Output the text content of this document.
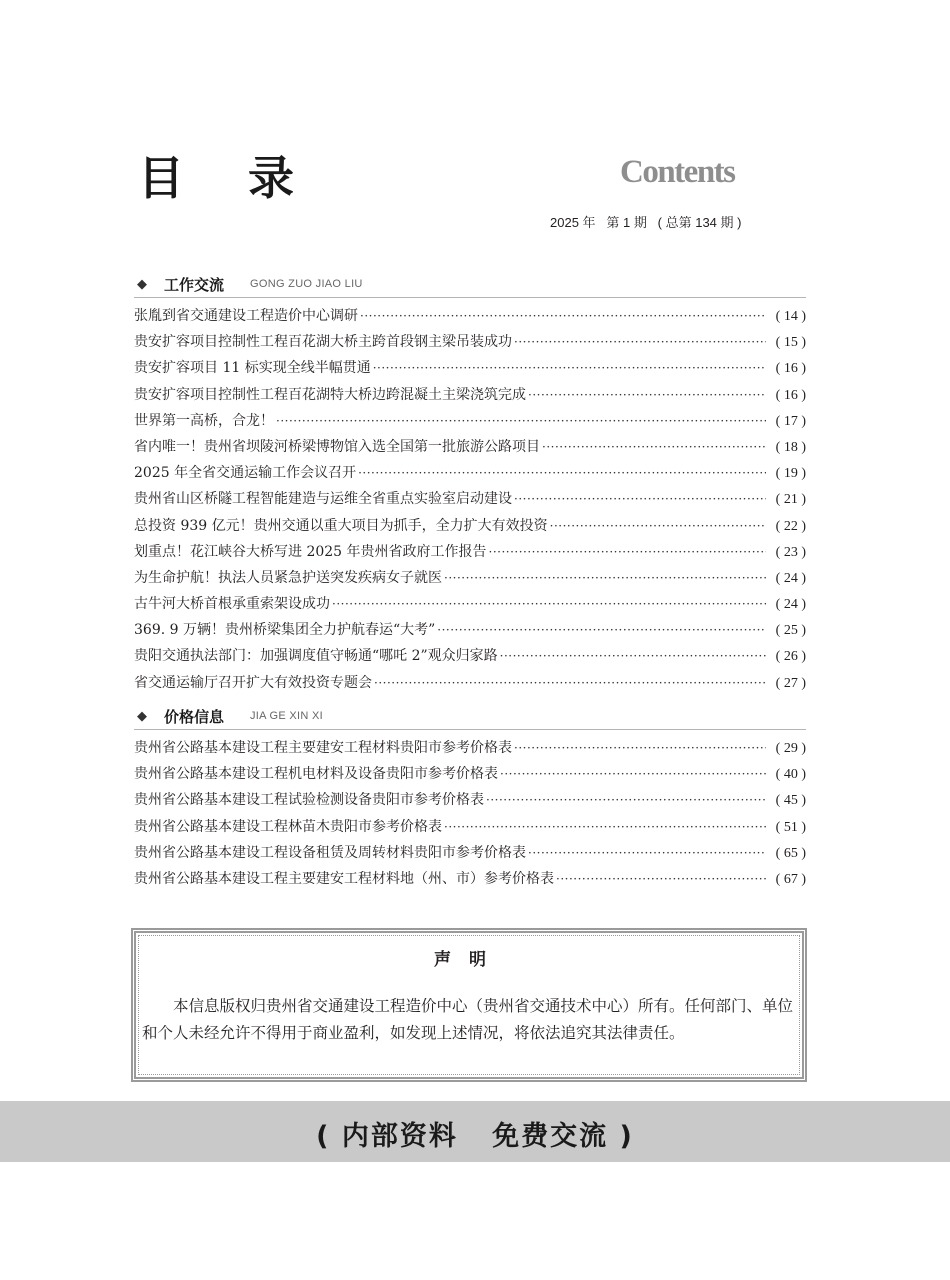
目 录	Contents
2025 年   第 1 期   ( 总第 134 期 )
◆ 工作交流 GONG ZUO JIAO LIU
张胤到省交通建设工程造价中心调研 ·····	( 14 )
贵安扩容项目控制性工程百花湖大桥主跨首段钢主梁吊装成功 ·····	( 15 )
贵安扩容项目 11 标实现全线半幅贯通 ·····	( 16 )
贵安扩容项目控制性工程百花湖特大桥边跨混凝土主梁浇筑完成 ·····	( 16 )
世界第一高桥，合龙！ ·····	( 17 )
省内唯一！贵州省坝陵河桥梁博物馆入选全国第一批旅游公路项目 ·····	( 18 )
2025 年全省交通运输工作会议召开 ·····	( 19 )
贵州省山区桥隧工程智能建造与运维全省重点实验室启动建设 ·····	( 21 )
总投资 939 亿元！贵州交通以重大项目为抓手，全力扩大有效投资 ·····	( 22 )
划重点！花江峡谷大桥写进 2025 年贵州省政府工作报告 ·····	( 23 )
为生命护航！执法人员紧急护送突发疾病女子就医 ·····	( 24 )
古牛河大桥首根承重索架设成功 ·····	( 24 )
369. 9 万辆！贵州桥梁集团全力护航春运“大考” ·····	( 25 )
贵阳交通执法部门：加强调度值守畅通“哪吒 2”观众归家路 ·····	( 26 )
省交通运输厅召开扩大有效投资专题会 ·····	( 27 )
◆ 价格信息 JIA GE XIN XI
贵州省公路基本建设工程主要建安工程材料贵阳市参考价格表 ·····	( 29 )
贵州省公路基本建设工程机电材料及设备贵阳市参考价格表 ·····	( 40 )
贵州省公路基本建设工程试验检测设备贵阳市参考价格表 ·····	( 45 )
贵州省公路基本建设工程林苗木贵阳市参考价格表 ·····	( 51 )
贵州省公路基本建设工程设备租赁及周转材料贵阳市参考价格表 ·····	( 65 )
贵州省公路基本建设工程主要建安工程材料地（州、市）参考价格表 ·····	( 67 )
声明
本信息版权归贵州省交通建设工程造价中心（贵州省交通技术中心）所有。任何部门、单位和个人未经允许不得用于商业盈利，如发现上述情况，将依法追究其法律责任。
( 内部资料   免费交流 )
